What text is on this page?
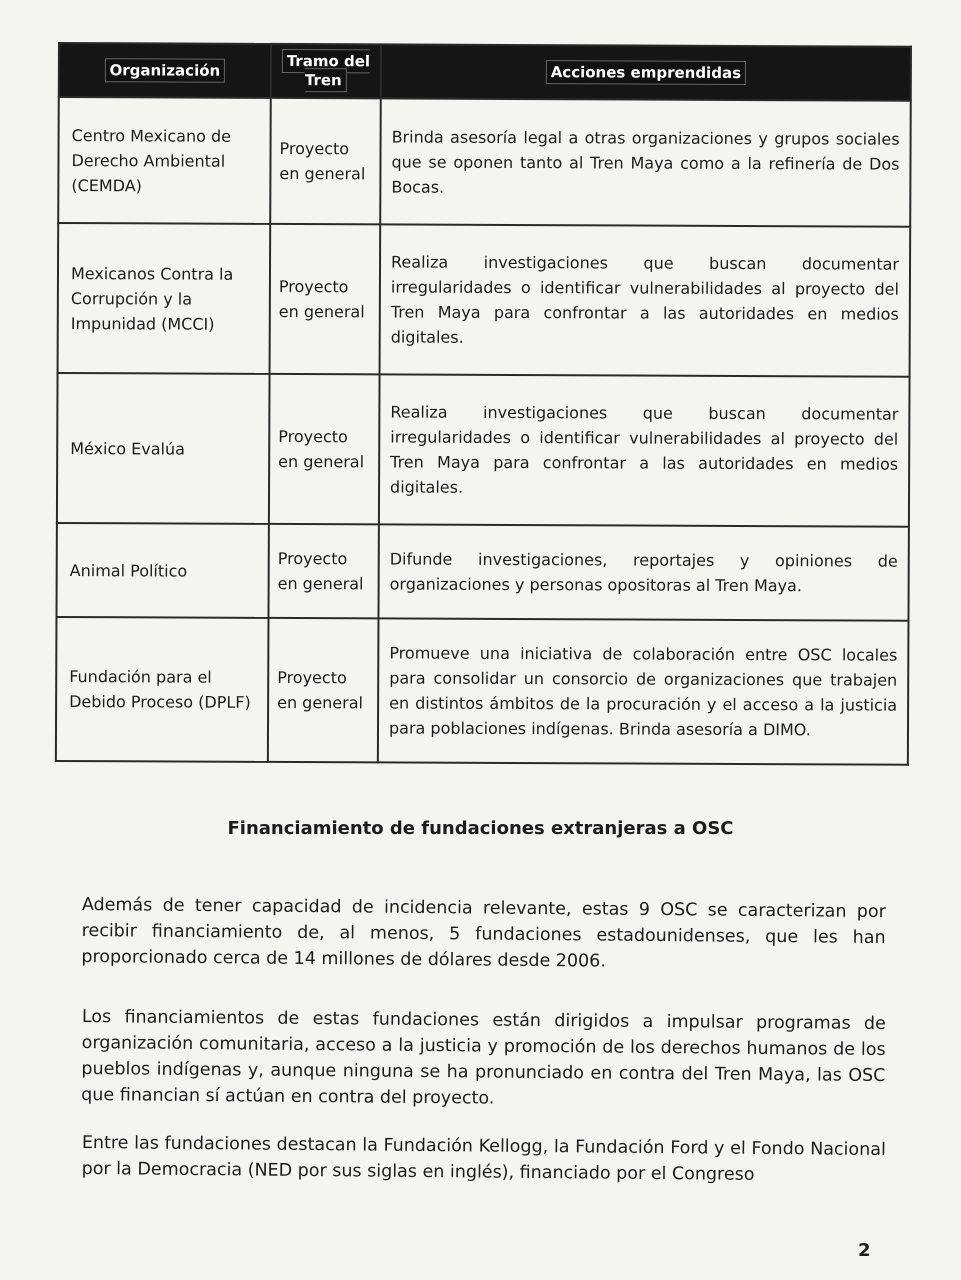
Organización	Tramo del Tren	Acciones emprendidas
Centro Mexicano de Derecho Ambiental (CEMDA)	Proyecto en general	Brinda asesoría legal a otras organizaciones y grupos sociales que se oponen tanto al Tren Maya como a la refinería de Dos Bocas.
Mexicanos Contra la Corrupción y la Impunidad (MCCI)	Proyecto en general	Realiza investigaciones que buscan documentar irregularidades o identificar vulnerabilidades al proyecto del Tren Maya para confrontar a las autoridades en medios digitales.
México Evalúa	Proyecto en general	Realiza investigaciones que buscan documentar irregularidades o identificar vulnerabilidades al proyecto del Tren Maya para confrontar a las autoridades en medios digitales.
Animal Político	Proyecto en general	Difunde investigaciones, reportajes y opiniones de organizaciones y personas opositoras al Tren Maya.
Fundación para el Debido Proceso (DPLF)	Proyecto en general	Promueve una iniciativa de colaboración entre OSC locales para consolidar un consorcio de organizaciones que trabajen en distintos ámbitos de la procuración y el acceso a la justicia para poblaciones indígenas. Brinda asesoría a DIMO.
Financiamiento de fundaciones extranjeras a OSC

Además de tener capacidad de incidencia relevante, estas 9 OSC se caracterizan por recibir financiamiento de, al menos, 5 fundaciones estadounidenses, que les han proporcionado cerca de 14 millones de dólares desde 2006.

Los financiamientos de estas fundaciones están dirigidos a impulsar programas de organización comunitaria, acceso a la justicia y promoción de los derechos humanos de los pueblos indígenas y, aunque ninguna se ha pronunciado en contra del Tren Maya, las OSC que financian sí actúan en contra del proyecto.

Entre las fundaciones destacan la Fundación Kellogg, la Fundación Ford y el Fondo Nacional por la Democracia (NED por sus siglas en inglés), financiado por el Congreso

2
